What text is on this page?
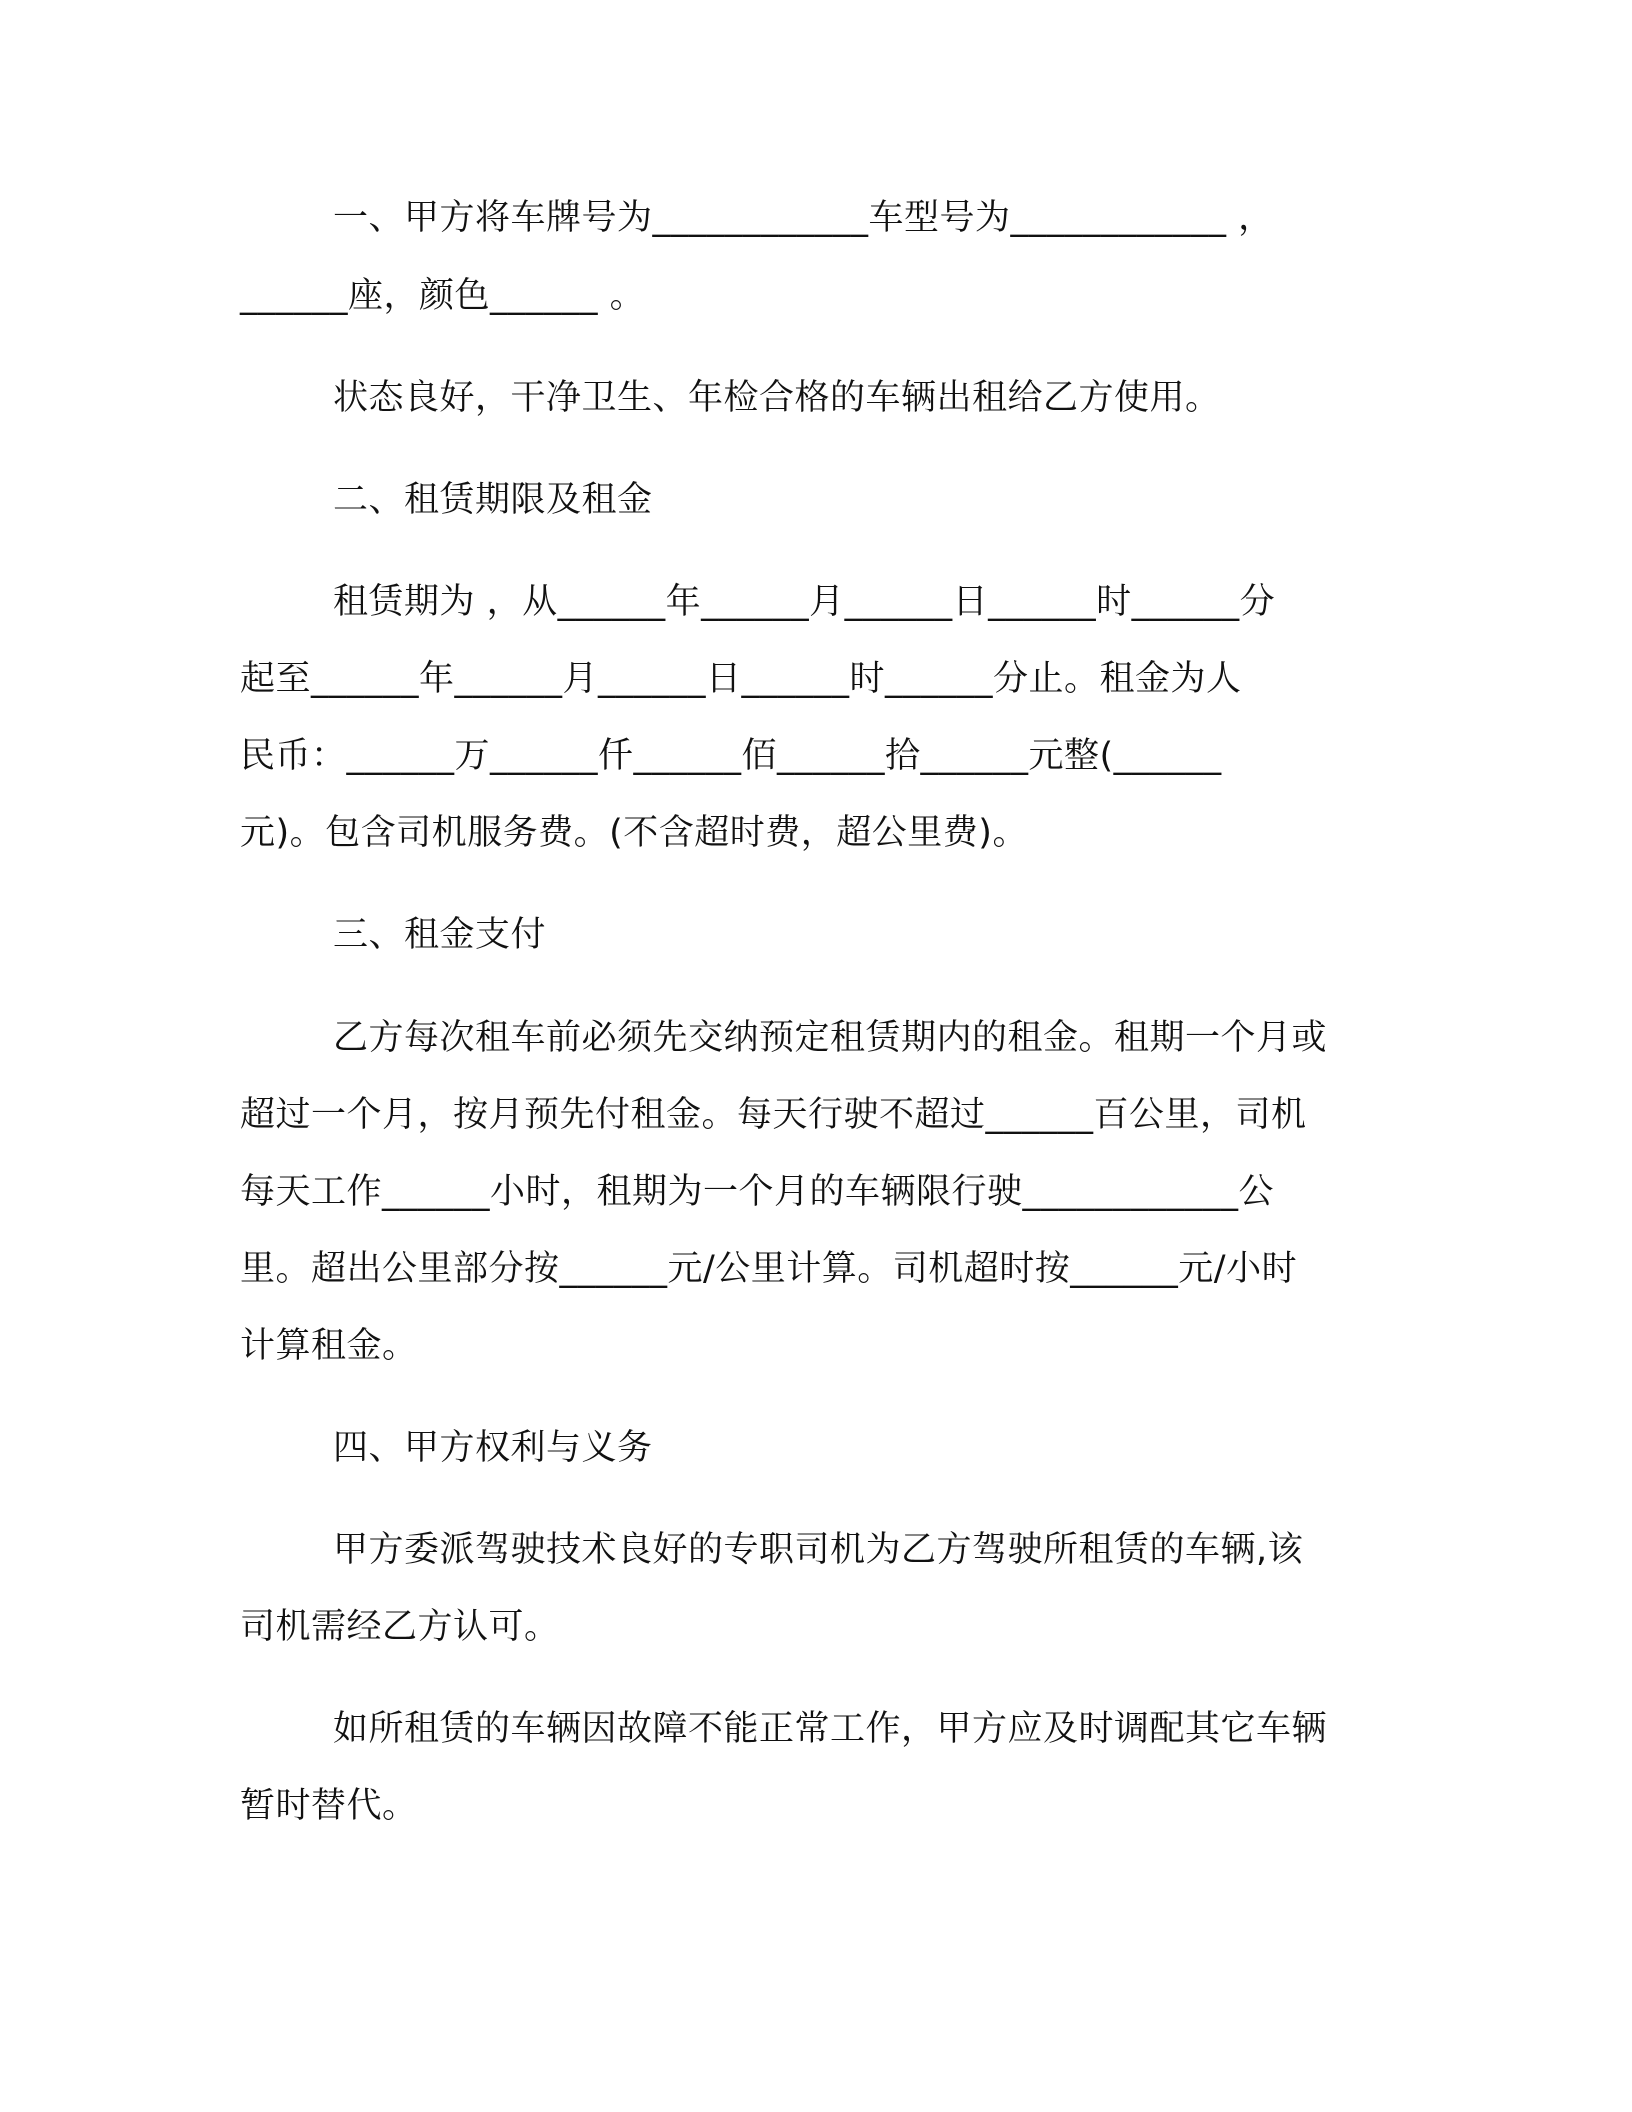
一、甲方将车牌号为____________车型号为____________ ，
______座，颜色______ 。
状态良好，干净卫生、年检合格的车辆出租给乙方使用。
二、租赁期限及租金
租赁期为 ，从______年______月______日______时______分
起至______年______月______日______时______分止。租金为人
民币：______万______仟______佰______拾______元整(______
元)。包含司机服务费。(不含超时费，超公里费)。
三、租金支付
乙方每次租车前必须先交纳预定租赁期内的租金。租期一个月或
超过一个月，按月预先付租金。每天行驶不超过______百公里，司机
每天工作______小时，租期为一个月的车辆限行驶____________公
里。超出公里部分按______元/公里计算。司机超时按______元/小时
计算租金。
四、甲方权利与义务
甲方委派驾驶技术良好的专职司机为乙方驾驶所租赁的车辆,该
司机需经乙方认可。
如所租赁的车辆因故障不能正常工作，甲方应及时调配其它车辆
暂时替代。
